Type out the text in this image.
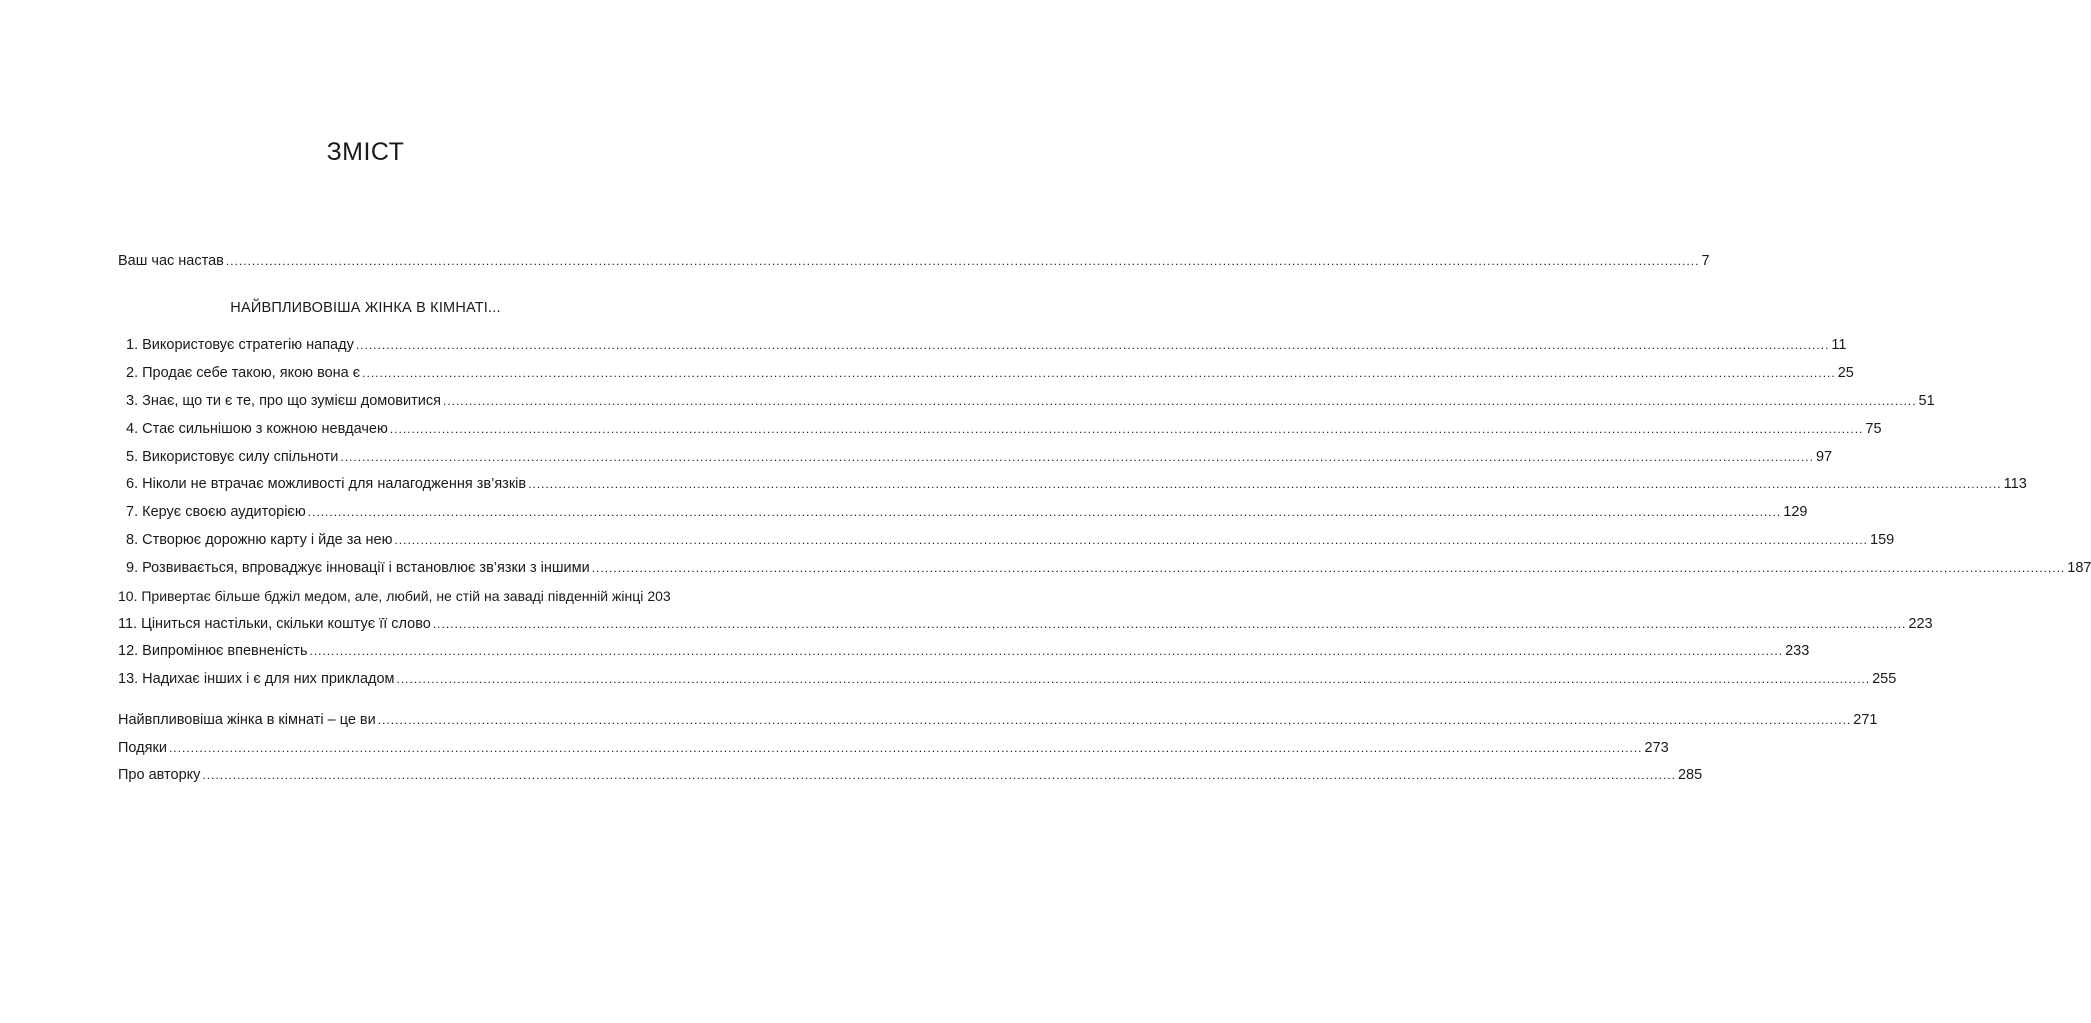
ЗМІСТ
Ваш час настав .....	7
НАЙВПЛИВОВІША ЖІНКА В КІМНАТІ...
1. Використовує стратегію нападу .....	11
2. Продає себе такою, якою вона є .....	25
3. Знає, що ти є те, про що зумієш домовитися .....	51
4. Стає сильнішою з кожною невдачею .....	75
5. Використовує силу спільноти .....	97
6. Ніколи не втрачає можливості для налагодження зв’язків .....	113
7. Керує своєю аудиторією .....	129
8. Створює дорожню карту і йде за нею .....	159
9. Розвивається, впроваджує інновації і встановлює зв’язки з іншими .....	187
10. Привертає більше бджіл медом, але, любий, не стій на заваді південній жінці 203
11. Ціниться настільки, скільки коштує її слово .....	223
12. Випромінює впевненість .....	233
13. Надихає інших і є для них прикладом .....	255
Найвпливовіша жінка в кімнаті – це ви .....	271
Подяки .....	273
Про авторку .....	285
